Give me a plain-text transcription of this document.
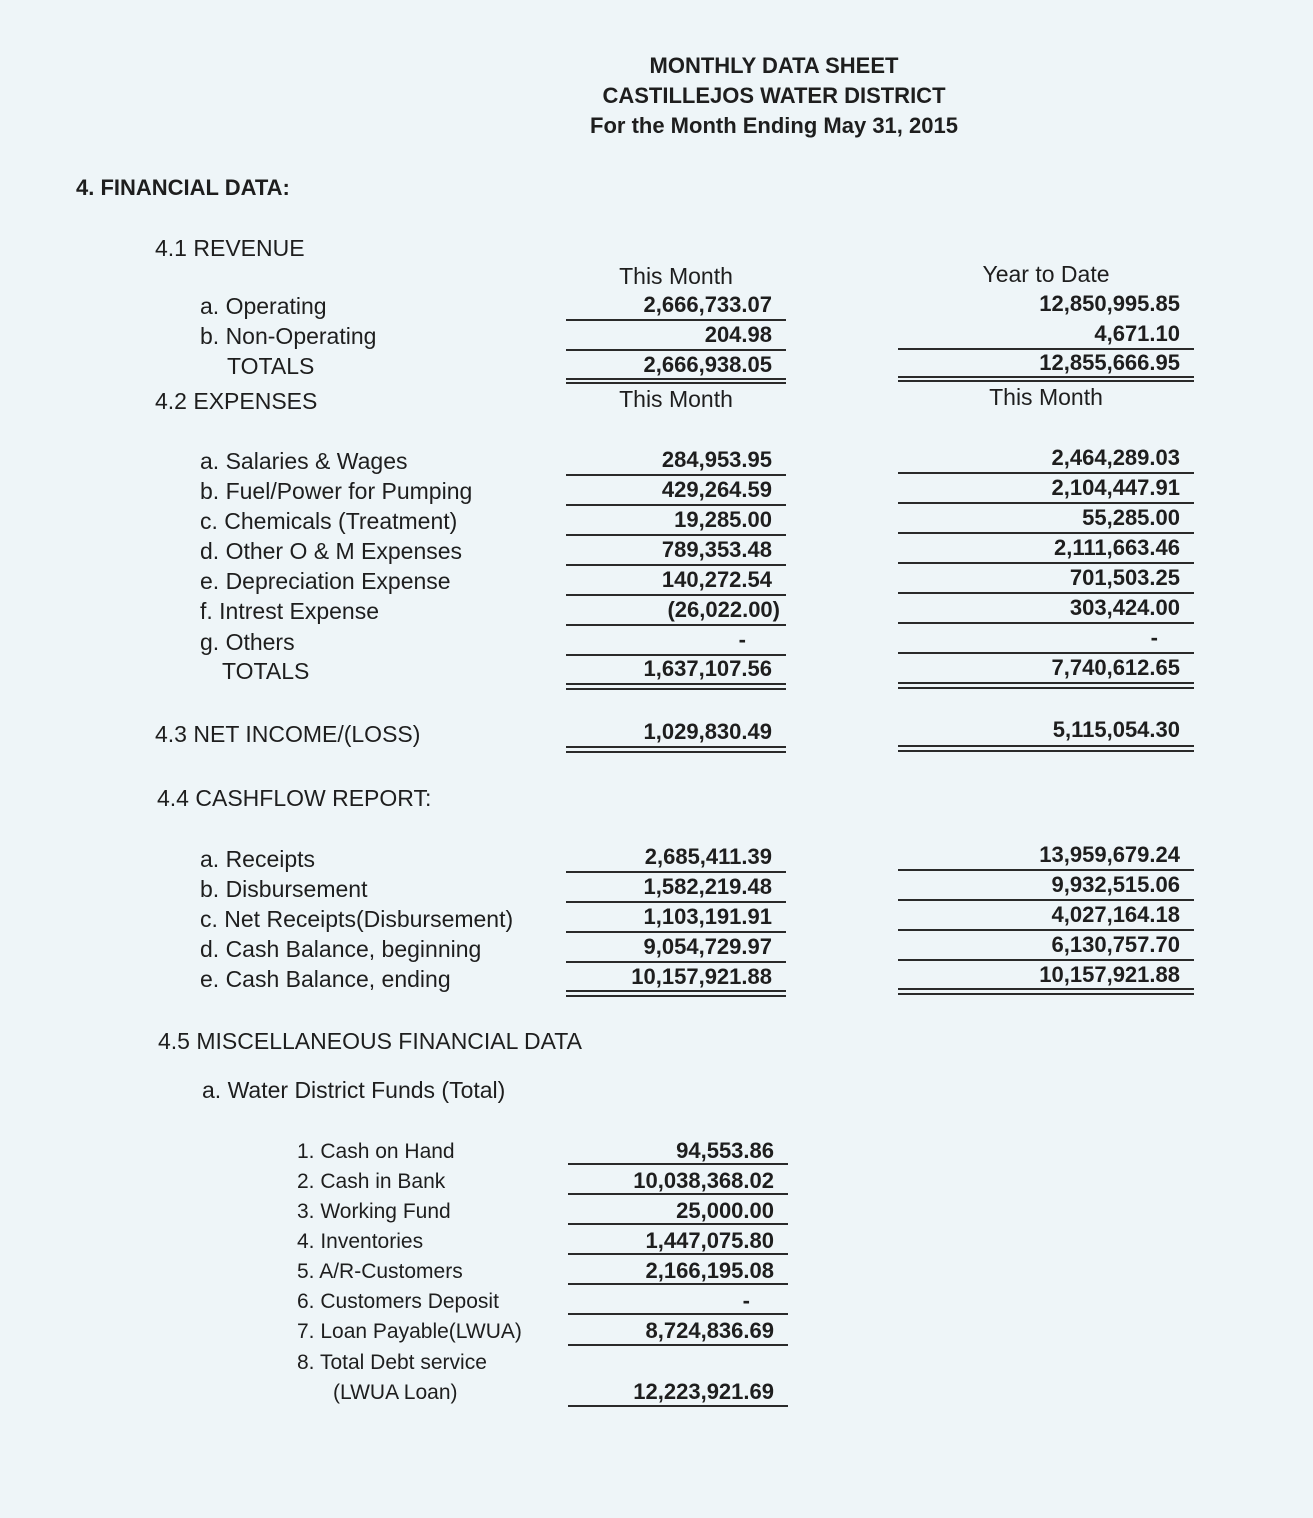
MONTHLY DATA SHEET
CASTILLEJOS WATER DISTRICT
For the Month Ending May 31, 2015
4. FINANCIAL DATA:
4.1 REVENUE
This Month	Year to Date
a. Operating	2,666,733.07	12,850,995.85
b. Non-Operating	204.98	4,671.10
TOTALS	2,666,938.05	12,855,666.95
4.2 EXPENSES	This Month	This Month
a. Salaries & Wages	284,953.95	2,464,289.03
b. Fuel/Power for Pumping	429,264.59	2,104,447.91
c. Chemicals (Treatment)	19,285.00	55,285.00
d. Other O & M Expenses	789,353.48	2,111,663.46
e. Depreciation Expense	140,272.54	701,503.25
f. Intrest Expense	(26,022.00)	303,424.00
g. Others	-	-
TOTALS	1,637,107.56	7,740,612.65
4.3 NET INCOME/(LOSS)	1,029,830.49	5,115,054.30
4.4 CASHFLOW REPORT:
a. Receipts	2,685,411.39	13,959,679.24
b. Disbursement	1,582,219.48	9,932,515.06
c. Net Receipts(Disbursement)	1,103,191.91	4,027,164.18
d. Cash Balance, beginning	9,054,729.97	6,130,757.70
e. Cash Balance, ending	10,157,921.88	10,157,921.88
4.5 MISCELLANEOUS FINANCIAL DATA
a. Water District Funds (Total)
1. Cash on Hand	94,553.86
2. Cash in Bank	10,038,368.02
3. Working Fund	25,000.00
4. Inventories	1,447,075.80
5. A/R-Customers	2,166,195.08
6. Customers Deposit	-
7. Loan Payable(LWUA)	8,724,836.69
8. Total Debt service
(LWUA Loan)	12,223,921.69
